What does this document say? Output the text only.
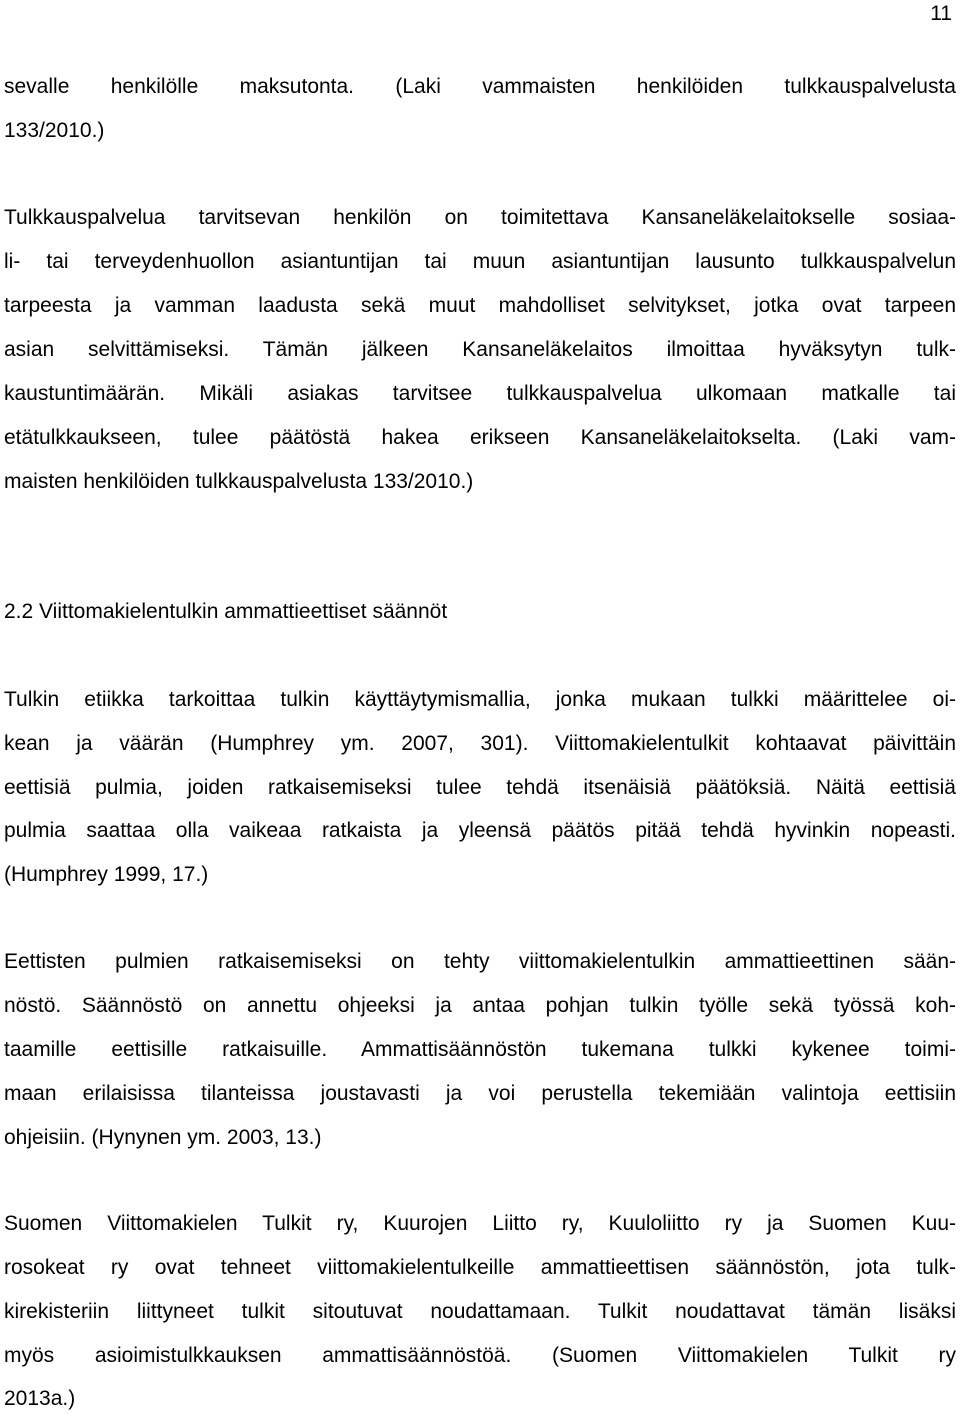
11
sevalle henkilölle maksutonta. (Laki vammaisten henkilöiden tulkkauspalvelusta
133/2010.)
Tulkkauspalvelua tarvitsevan henkilön on toimitettava Kansaneläkelaitokselle sosiaa-
li- tai terveydenhuollon asiantuntijan tai muun asiantuntijan lausunto tulkkauspalvelun
tarpeesta ja vamman laadusta sekä muut mahdolliset selvitykset, jotka ovat tarpeen
asian selvittämiseksi. Tämän jälkeen Kansaneläkelaitos ilmoittaa hyväksytyn tulk-
kaustuntimäärän. Mikäli asiakas tarvitsee tulkkauspalvelua ulkomaan matkalle tai
etätulkkaukseen, tulee päätöstä hakea erikseen Kansaneläkelaitokselta. (Laki vam-
maisten henkilöiden tulkkauspalvelusta 133/2010.)
2.2 Viittomakielentulkin ammattieettiset säännöt
Tulkin etiikka tarkoittaa tulkin käyttäytymismallia, jonka mukaan tulkki määrittelee oi-
kean ja väärän (Humphrey ym. 2007, 301). Viittomakielentulkit kohtaavat päivittäin
eettisiä pulmia, joiden ratkaisemiseksi tulee tehdä itsenäisiä päätöksiä. Näitä eettisiä
pulmia saattaa olla vaikeaa ratkaista ja yleensä päätös pitää tehdä hyvinkin nopeasti.
(Humphrey 1999, 17.)
Eettisten pulmien ratkaisemiseksi on tehty viittomakielentulkin ammattieettinen sään-
nöstö. Säännöstö on annettu ohjeeksi ja antaa pohjan tulkin työlle sekä työssä koh-
taamille eettisille ratkaisuille. Ammattisäännöstön tukemana tulkki kykenee toimi-
maan erilaisissa tilanteissa joustavasti ja voi perustella tekemiään valintoja eettisiin
ohjeisiin. (Hynynen ym. 2003, 13.)
Suomen Viittomakielen Tulkit ry, Kuurojen Liitto ry, Kuuloliitto ry ja Suomen Kuu-
rosokeat ry ovat tehneet viittomakielentulkeille ammattieettisen säännöstön, jota tulk-
kirekisteriin liittyneet tulkit sitoutuvat noudattamaan. Tulkit noudattavat tämän lisäksi
myös asioimistulkkauksen ammattisäännöstöä. (Suomen Viittomakielen Tulkit ry
2013a.)
